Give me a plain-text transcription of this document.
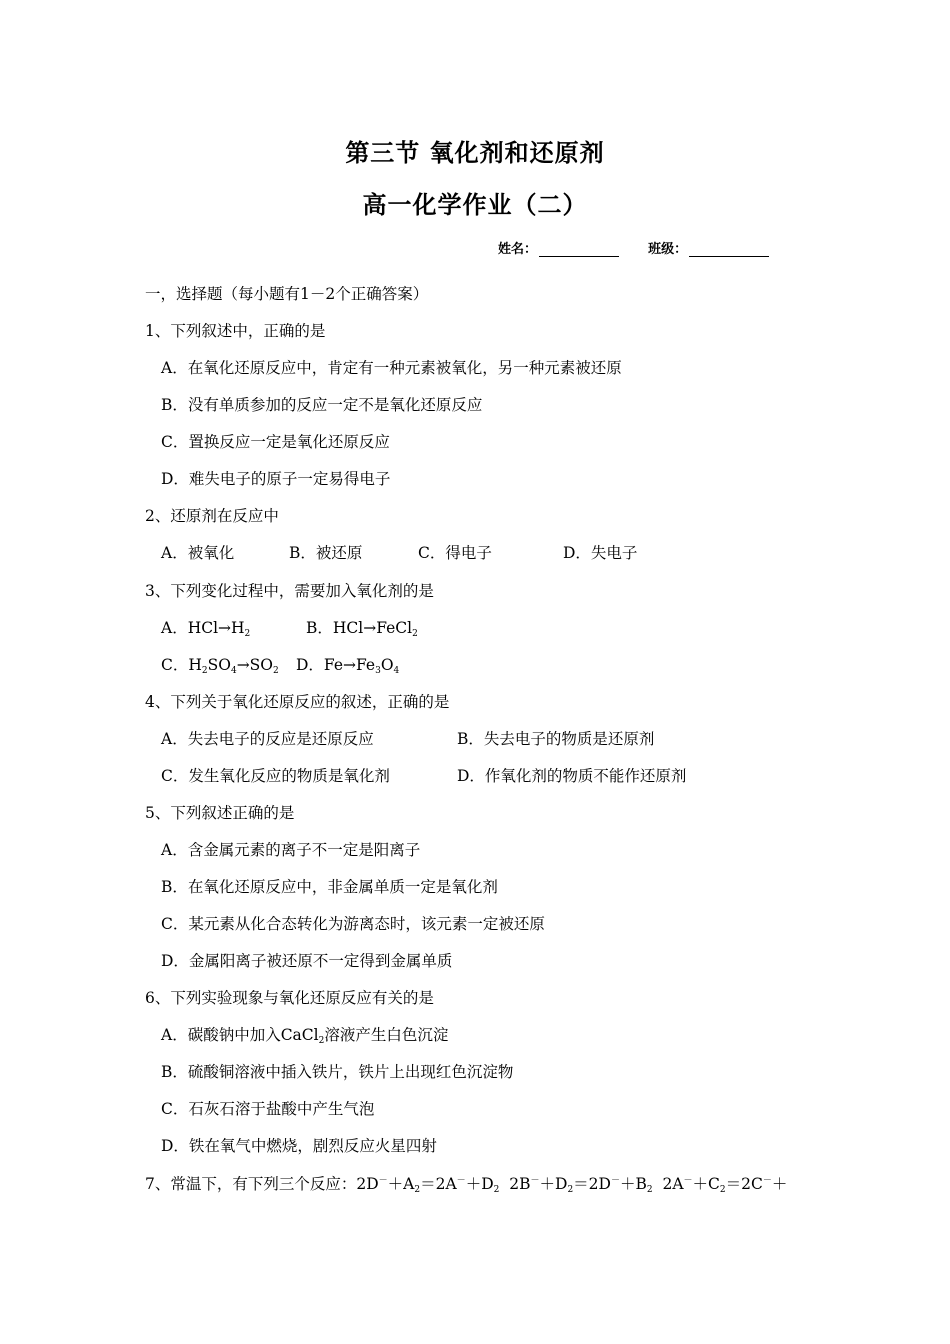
第三节 氧化剂和还原剂
高一化学作业（二）
姓名：	班级：
一，选择题（每小题有1－2个正确答案）
1、下列叙述中，正确的是
A．在氧化还原反应中，肯定有一种元素被氧化，另一种元素被还原
B．没有单质参加的反应一定不是氧化还原反应
C．置换反应一定是氧化还原反应
D．难失电子的原子一定易得电子
2、还原剂在反应中
A．被氧化	B．被还原	C．得电子	D．失电子
3、下列变化过程中，需要加入氧化剂的是
A．$HCl\to H_2$	B．HCl→FeCl$_2$
C．$H_2SO_4\to SO_2$ D．$Fe\to Fe_3O_4$
4、下列关于氧化还原反应的叙述，正确的是
A．失去电子的反应是还原反应	B．失去电子的物质是还原剂
C．发生氧化反应的物质是氧化剂	D．作氧化剂的物质不能作还原剂
5、下列叙述正确的是
A．含金属元素的离子不一定是阳离子
B．在氧化还原反应中，非金属单质一定是氧化剂
C．某元素从化合态转化为游离态时，该元素一定被还原
D．金属阳离子被还原不一定得到金属单质
6、下列实验现象与氧化还原反应有关的是
A．碳酸钠中加入CaCl$_2$溶液产生白色沉淀
B．硫酸铜溶液中插入铁片，铁片上出现红色沉淀物
C．石灰石溶于盐酸中产生气泡
D．铁在氧气中燃烧，剧烈反应火星四射
7、常温下，有下列三个反应：$2D^-+A_2=2A^-+D_2$ $2B^-+D_2=2D^-+B_2$ $2A^-+C_2=2C^-+$
